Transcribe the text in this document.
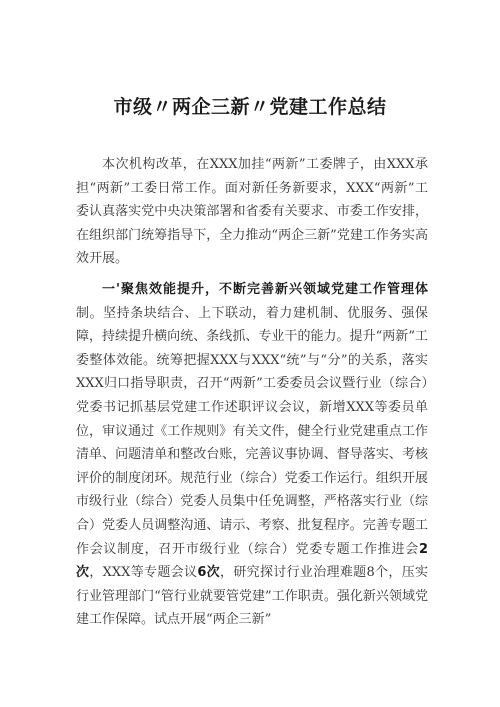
市级〃两企三新〃党建工作总结

本次机构改革，在XXX加挂“两新”工委牌子，由XXX承担“两新”工委日常工作。面对新任务新要求，XXX“两新”工委认真落实党中央决策部署和省委有关要求、市委工作安排，在组织部门统筹指导下，全力推动“两企三新”党建工作务实高效开展。

一'聚焦效能提升，不断完善新兴领域党建工作管理体制。坚持条块结合、上下联动，着力建机制、优服务、强保障，持续提升横向统、条线抓、专业干的能力。提升“两新”工委整体效能。统筹把握XXX与XXX“统”与“分”的关系，落实XXX归口指导职责，召开“两新”工委委员会议暨行业（综合）党委书记抓基层党建工作述职评议会议，新增XXX等委员单位，审议通过《工作规则》有关文件，健全行业党建重点工作清单、问题清单和整改台账，完善议事协调、督导落实、考核评价的制度闭环。规范行业（综合）党委工作运行。组织开展市级行业（综合）党委人员集中任免调整，严格落实行业（综合）党委人员调整沟通、请示、考察、批复程序。完善专题工作会议制度，召开市级行业（综合）党委专题工作推进会2次，XXX等专题会议6次，研究探讨行业治理难题8个，压实行业管理部门“管行业就要管党建”工作职责。强化新兴领域党建工作保障。试点开展“两企三新”
